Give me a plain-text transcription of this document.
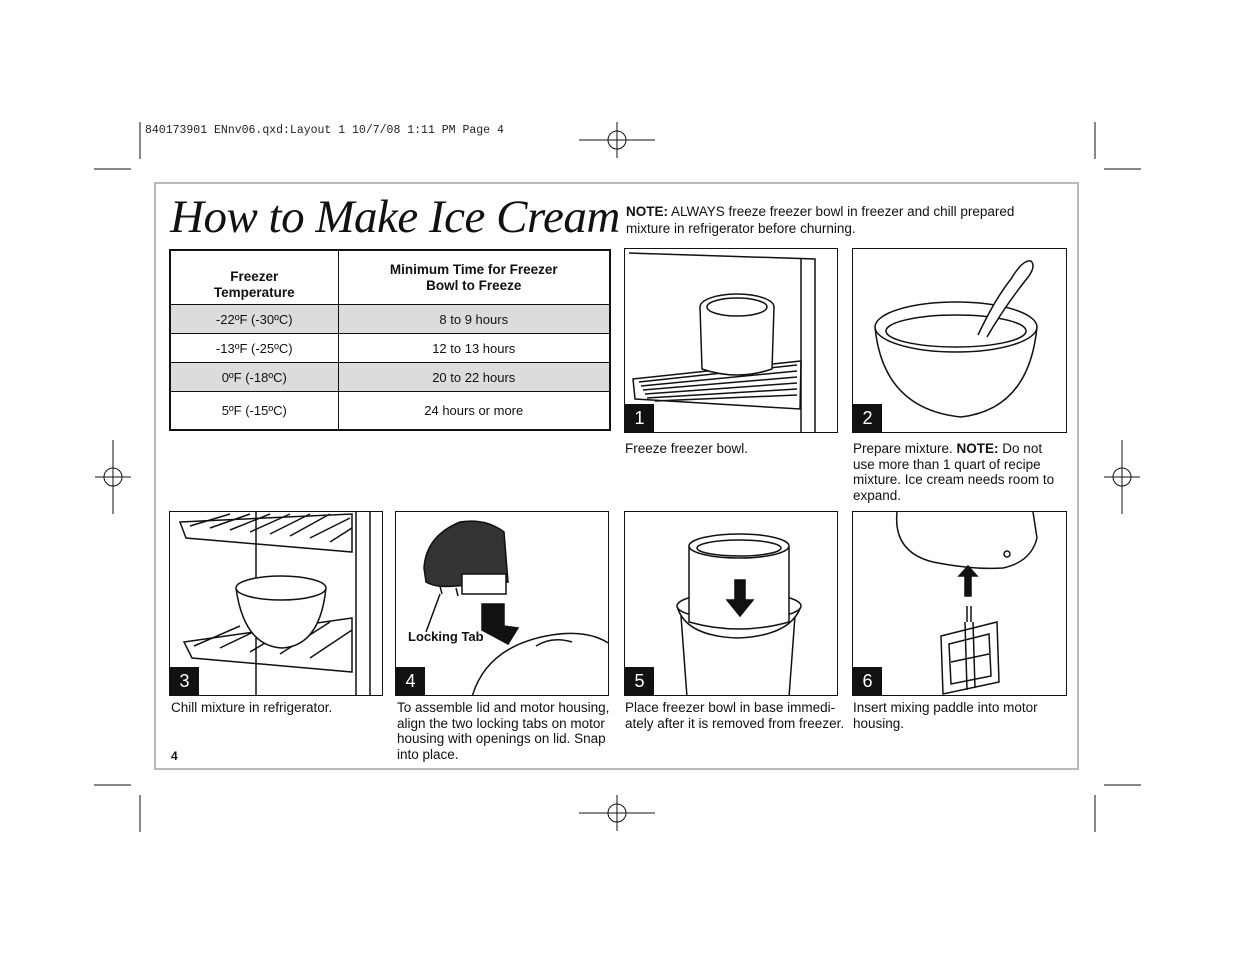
840173901 ENnv06.qxd:Layout 1 10/7/08 1:11 PM Page 4
How to Make Ice Cream NOTE: ALWAYS freeze freezer bowl in freezer and chill prepared mixture in refrigerator before churning.
Freezer Temperature	Minimum Time for Freezer Bowl to Freeze

-22ºF (-30ºC)	8 to 9 hours
-13ºF (-25ºC)	12 to 13 hours
0ºF (-18ºC)	20 to 22 hours
5ºF (-15ºC)	24 hours or more	1
Freeze freezer bowl.
2
Prepare mixture. NOTE: Do not use more than 1 quart of recipe mixture. Ice cream needs room to expand.
3
Chill mixture in refrigerator.
4
Locking Tab
To assemble lid and motor housing, align the two locking tabs on motor housing with openings on lid. Snap into place.
5
Place freezer bowl in base immedi-ately after it is removed from freezer.
6
Insert mixing paddle into motor housing.
4
